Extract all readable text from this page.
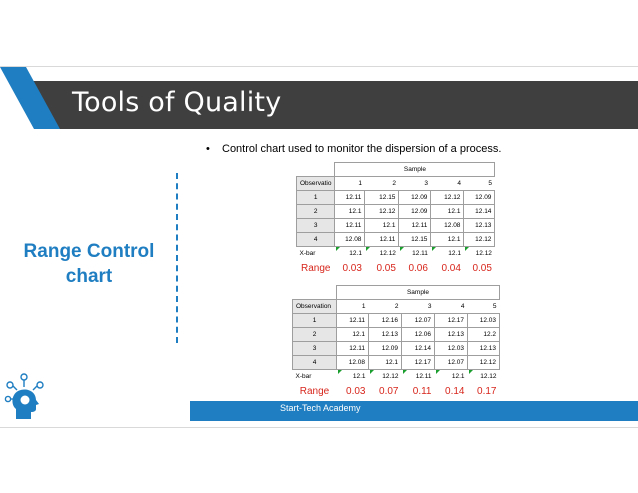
Tools of Quality
• Control chart used to monitor the dispersion of a process.
Range Control
chart
	Sample				
Observatio	1	2	3	4	5
1	12.11	12.15	12.09	12.12	12.09
2	12.1	12.12	12.09	12.1	12.14
3	12.11	12.1	12.11	12.08	12.13
4	12.08	12.11	12.15	12.1	12.12
X-bar	12.1	12.12	12.11	12.1	12.12
Range	0.03	0.05	0.06	0.04	0.05
	Sample				
Observation	1	2	3	4	5
1	12.11	12.16	12.07	12.17	12.03
2	12.1	12.13	12.06	12.13	12.2
3	12.11	12.09	12.14	12.03	12.13
4	12.08	12.1	12.17	12.07	12.12
X-bar	12.1	12.12	12.11	12.1	12.12
Range	0.03	0.07	0.11	0.14	0.17
Start-Tech Academy
